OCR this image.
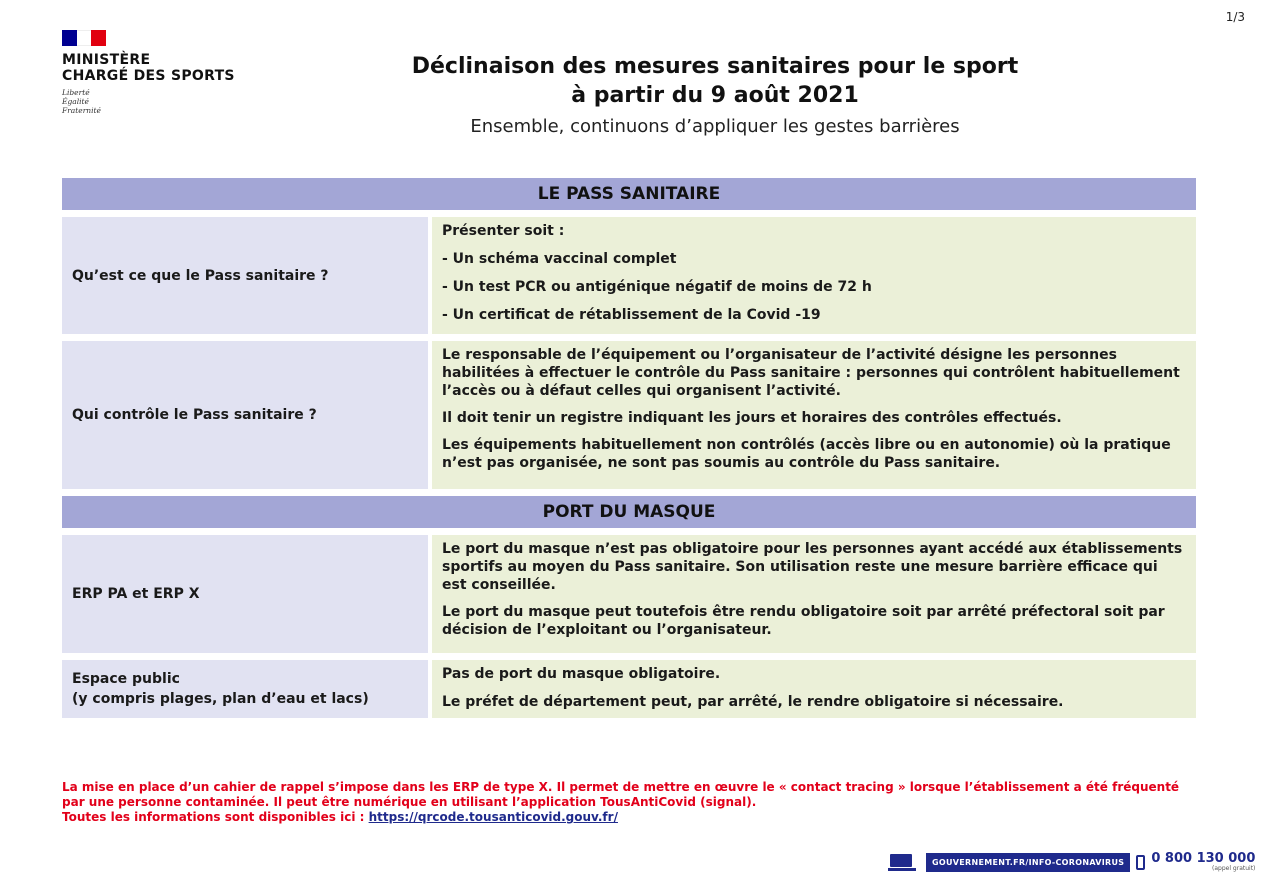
1/3
MINISTÈRE
CHARGÉ DES SPORTS
Liberté
Égalité
Fraternité
Déclinaison des mesures sanitaires pour le sport
à partir du 9 août 2021
Ensemble, continuons d’appliquer les gestes barrières
LE PASS SANITAIRE
Qu’est ce que le Pass sanitaire ?

Présenter soit :

- Un schéma vaccinal complet

- Un test PCR ou antigénique négatif de moins de 72 h

- Un certificat de rétablissement de la Covid -19

Qui contrôle le Pass sanitaire ?

Le responsable de l’équipement ou l’organisateur de l’activité désigne les personnes habilitées à effectuer le contrôle du Pass sanitaire : personnes qui contrôlent habituellement l’accès ou à défaut celles qui organisent l’activité.

Il doit tenir un registre indiquant les jours et horaires des contrôles effectués.

Les équipements habituellement non contrôlés (accès libre ou en autonomie) où la pratique n’est pas organisée, ne sont pas soumis au contrôle du Pass sanitaire.

PORT DU MASQUE
ERP PA et ERP X

Le port du masque n’est pas obligatoire pour les personnes ayant accédé aux établissements sportifs au moyen du Pass sanitaire. Son utilisation reste une mesure barrière efficace qui est conseillée.

Le port du masque peut toutefois être rendu obligatoire soit par arrêté préfectoral soit par décision de l’exploitant ou l’organisateur.

Espace public
(y compris plages, plan d’eau et lacs)

Pas de port du masque obligatoire.

Le préfet de département peut, par arrêté, le rendre obligatoire si nécessaire.

La mise en place d’un cahier de rappel s’impose dans les ERP de type X. Il permet de mettre en œuvre le « contact tracing » lorsque l’établissement a été fréquenté par une personne contaminée. Il peut être numérique en utilisant l’application TousAntiCovid (signal).
Toutes les informations sont disponibles ici : https://qrcode.tousanticovid.gouv.fr/
GOUVERNEMENT.FR/INFO-CORONAVIRUS	0 800 130 000
(appel gratuit)
